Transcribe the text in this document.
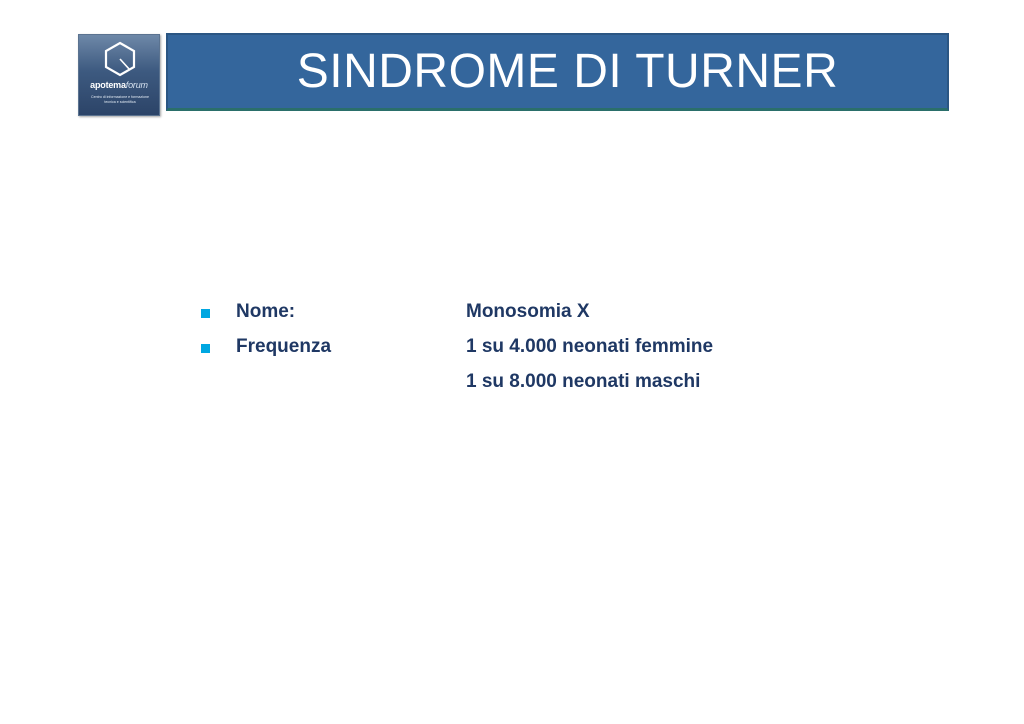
apotemaforum
Centro di informazione e formazione
tecnica e scientifica
SINDROME DI TURNER
Nome:	Monosomia X
Frequenza	1 su 4.000 neonati femmine
1 su 8.000 neonati maschi
